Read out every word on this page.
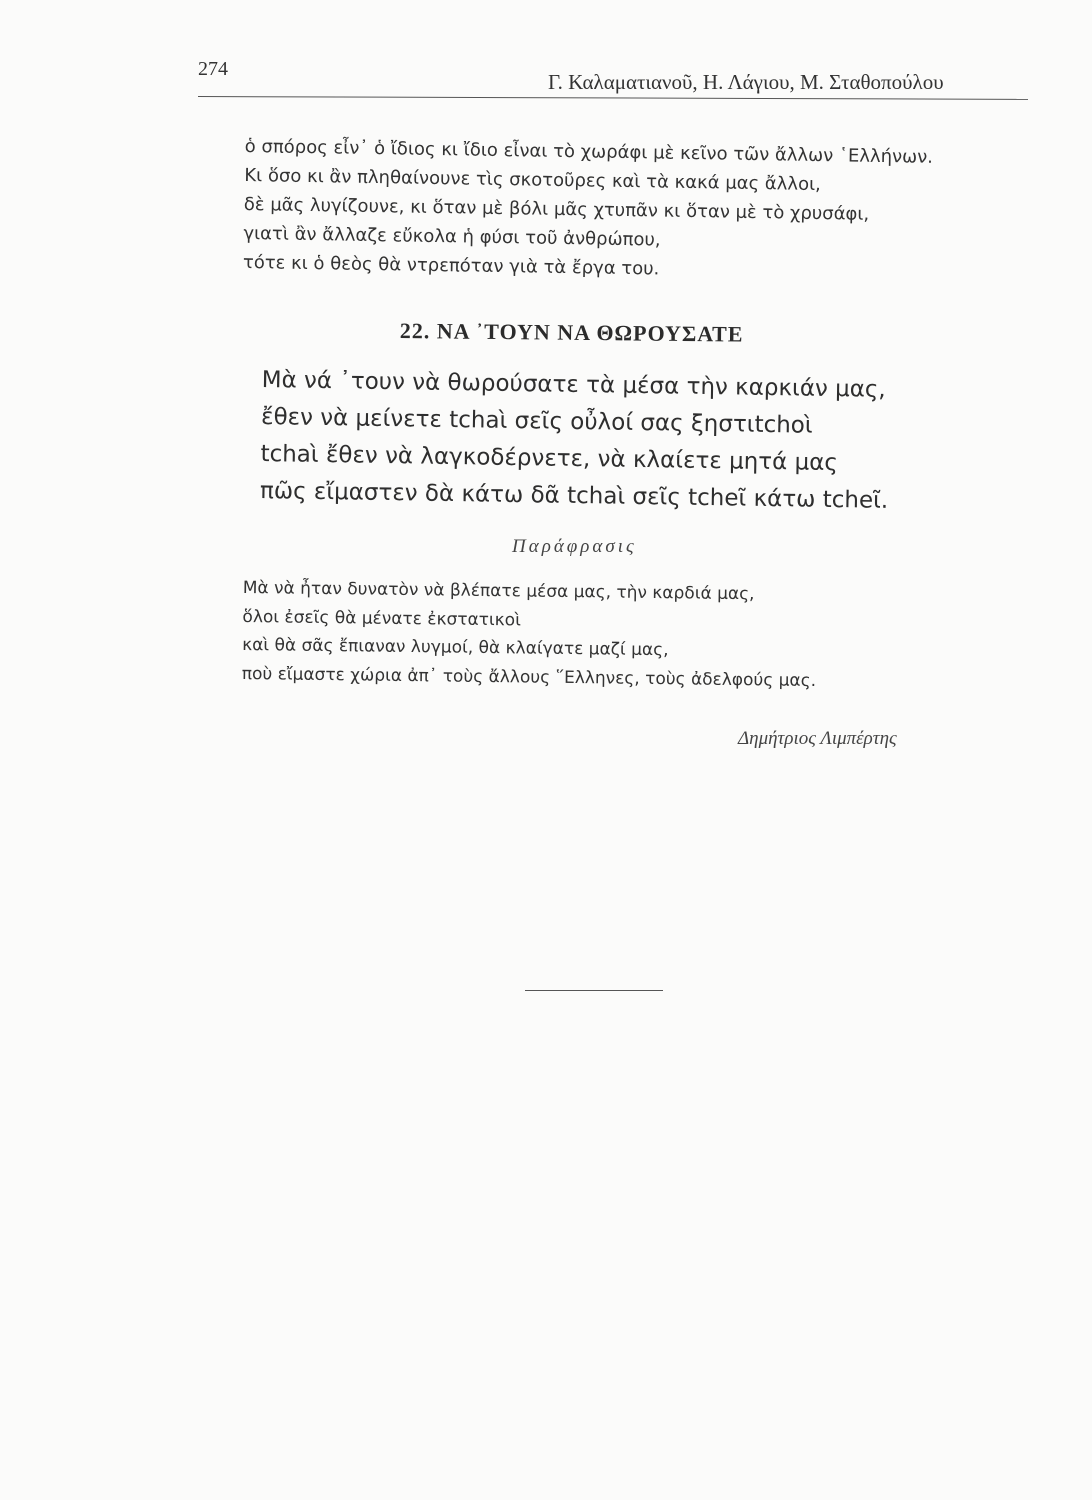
274
Γ. Καλαματιανοῦ, Η. Λάγιου, Μ. Σταθοπούλου
ὁ σπόρος εἶν᾽ ὁ ἴδιος κι ἴδιο εἶναι τὸ χωράφι μὲ κεῖνο τῶν ἄλλων ῾Ελλήνων.
Κι ὅσο κι ἂν πληθαίνουνε τὶς σκοτοῦρες καὶ τὰ κακά μας ἄλλοι,
δὲ μᾶς λυγίζουνε, κι ὅταν μὲ βόλι μᾶς χτυπᾶν κι ὅταν μὲ τὸ χρυσάφι,
γιατὶ ἂν ἄλλαζε εὔκολα ἡ φύσι τοῦ ἀνθρώπου,
τότε κι ὁ θεὸς θὰ ντρεπόταν γιὰ τὰ ἔργα του.
22. ΝΑ ᾿ΤΟΥΝ ΝΑ ΘΩΡΟΥΣΑΤΕ
Μὰ νά ᾿τουν νὰ θωρούσατε τὰ μέσα τὴν καρκιάν μας,
ἔθεν νὰ μείνετε tchaὶ σεῖς οὖλοί σας ξηστιtchoὶ
tchaὶ ἔθεν νὰ λαγκοδέρνετε, νὰ κλαίετε μητά μας
πῶς εἴμαστεν δὰ κάτω δᾶ tchaὶ σεῖς tcheῖ κάτω tcheῖ.
Παράφρασις
Μὰ νὰ ἦταν δυνατὸν νὰ βλέπατε μέσα μας, τὴν καρδιά μας,
ὅλοι ἐσεῖς θὰ μένατε ἐκστατικοὶ
καὶ θὰ σᾶς ἔπιαναν λυγμοί, θὰ κλαίγατε μαζί μας,
ποὺ εἴμαστε χώρια ἀπ᾽ τοὺς ἄλλους ῞Ελληνες, τοὺς ἀδελφούς μας.
Δημήτριος Λιμπέρτης
